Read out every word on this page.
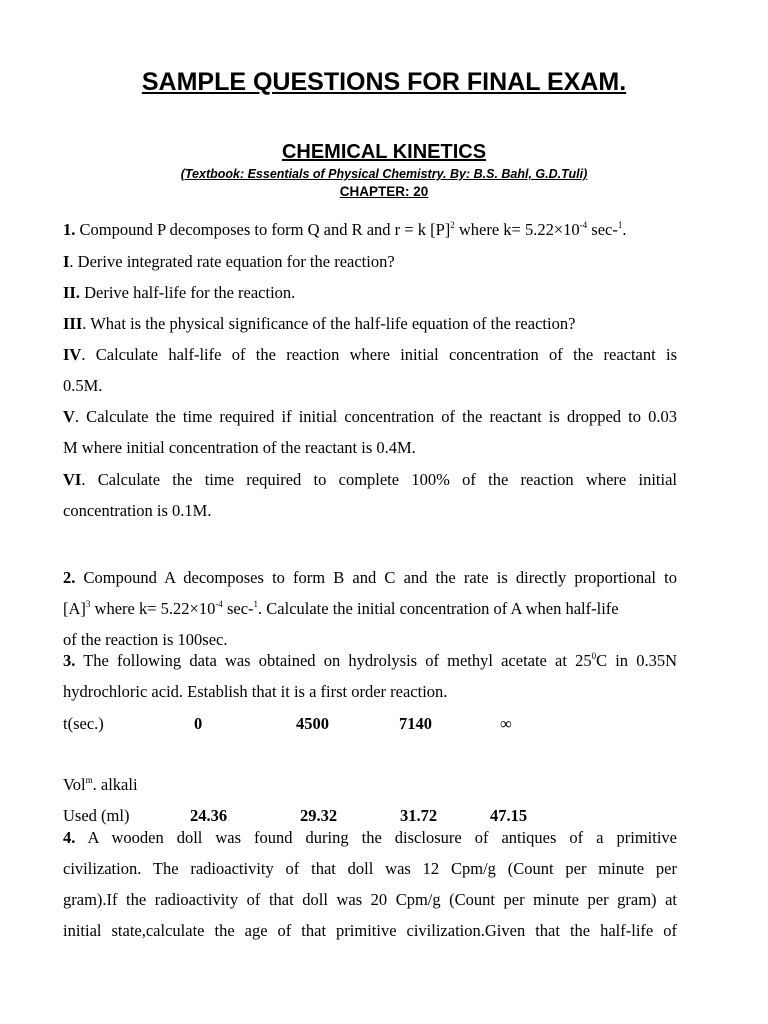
SAMPLE QUESTIONS FOR FINAL EXAM.
CHEMICAL KINETICS
(Textbook: Essentials of Physical Chemistry. By: B.S. Bahl, G.D.Tuli)
CHAPTER: 20
1. Compound P decomposes to form Q and R and r = k $[P]^2$ where $k= 5.22\times 10^{-4}$ sec-$^1$.
I. Derive integrated rate equation for the reaction?
II. Derive half-life for the reaction.
III. What is the physical significance of the half-life equation of the reaction?
IV. Calculate half-life of the reaction where initial concentration of the reactant is
0.5M.
V. Calculate the time required if initial concentration of the reactant is dropped to 0.03
M where initial concentration of the reactant is 0.4M.
VI. Calculate the time required to complete 100% of the reaction where initial
concentration is 0.1M.
2. Compound A decomposes to form B and C and the rate is directly proportional to
$[A]^3$ where $k= 5.22\times 10^{-4}$ sec-$^1$. Calculate the initial concentration of A when half-life
of the reaction is 100sec.
3. The following data was obtained on hydrolysis of methyl acetate at $25^0C$ in 0.35N
hydrochloric acid. Establish that it is a first order reaction.
t(sec.)	0	4500	7140	∞
Vol$^m$. alkali
Used (ml)	24.36	29.32	31.72	47.15
4. A wooden doll was found during the disclosure of antiques of a primitive
civilization. The radioactivity of that doll was 12 Cpm/g (Count per minute per
gram).If the radioactivity of that doll was 20 Cpm/g (Count per minute per gram) at
initial state,calculate the age of that primitive civilization.Given that the half-life of
